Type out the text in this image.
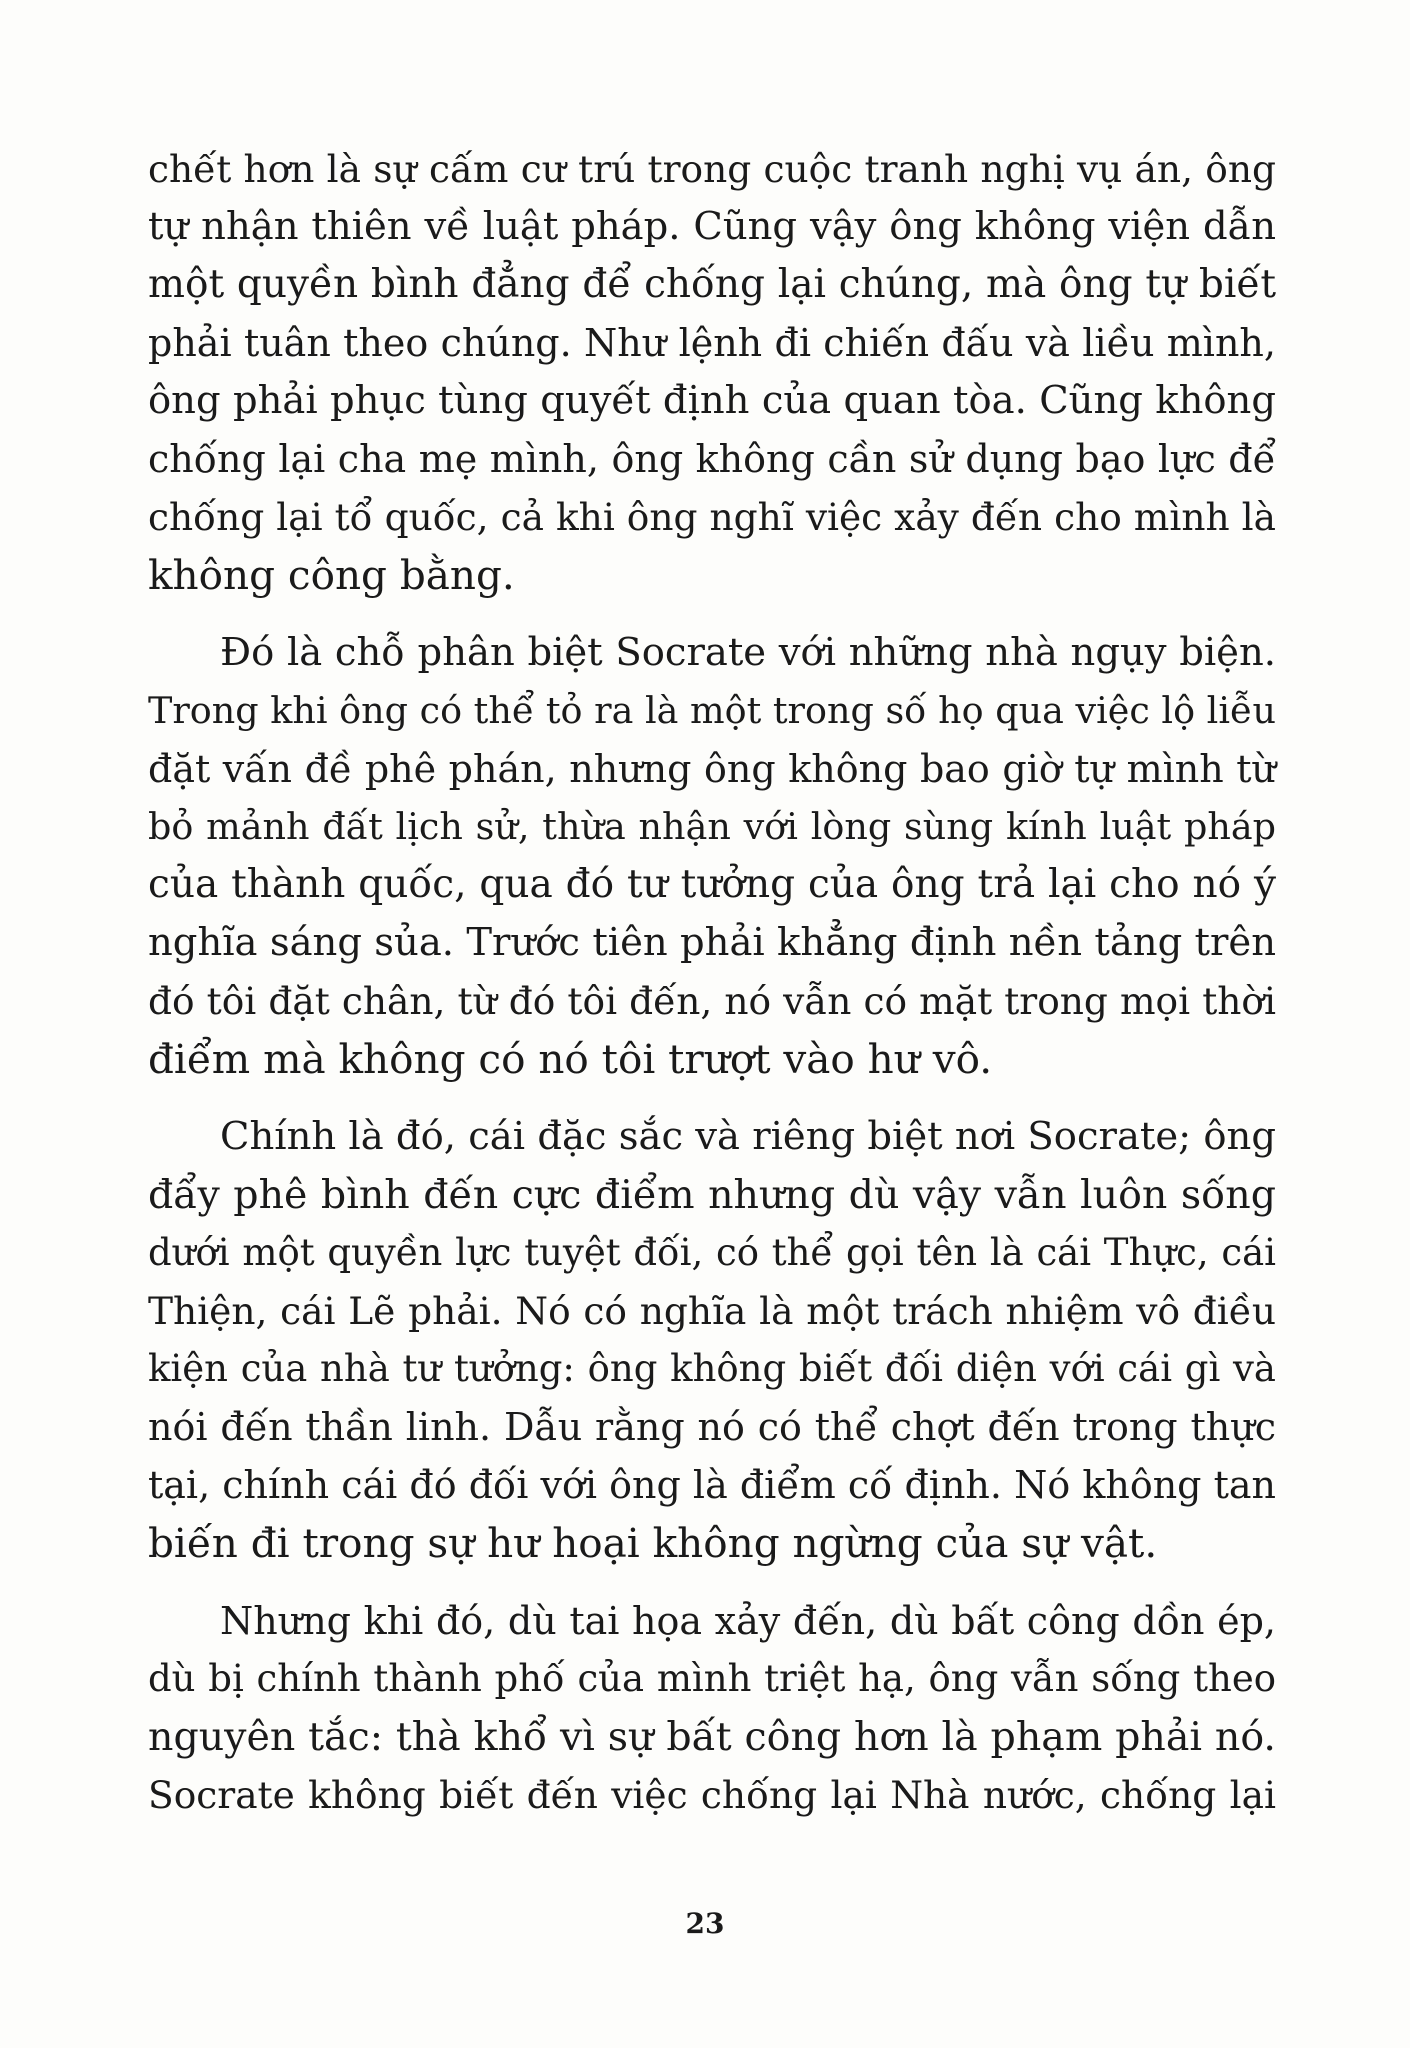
chết hơn là sự cấm cư trú trong cuộc tranh nghị vụ án, ông
tự nhận thiên về luật pháp. Cũng vậy ông không viện dẫn
một quyền bình đẳng để chống lại chúng, mà ông tự biết
phải tuân theo chúng. Như lệnh đi chiến đấu và liều mình,
ông phải phục tùng quyết định của quan tòa. Cũng không
chống lại cha mẹ mình, ông không cần sử dụng bạo lực để
chống lại tổ quốc, cả khi ông nghĩ việc xảy đến cho mình là
không công bằng.

Đó là chỗ phân biệt Socrate với những nhà ngụy biện.
Trong khi ông có thể tỏ ra là một trong số họ qua việc lộ liễu
đặt vấn đề phê phán, nhưng ông không bao giờ tự mình từ
bỏ mảnh đất lịch sử, thừa nhận với lòng sùng kính luật pháp
của thành quốc, qua đó tư tưởng của ông trả lại cho nó ý
nghĩa sáng sủa. Trước tiên phải khẳng định nền tảng trên
đó tôi đặt chân, từ đó tôi đến, nó vẫn có mặt trong mọi thời
điểm mà không có nó tôi trượt vào hư vô.

Chính là đó, cái đặc sắc và riêng biệt nơi Socrate; ông
đẩy phê bình đến cực điểm nhưng dù vậy vẫn luôn sống
dưới một quyền lực tuyệt đối, có thể gọi tên là cái Thực, cái
Thiện, cái Lẽ phải. Nó có nghĩa là một trách nhiệm vô điều
kiện của nhà tư tưởng: ông không biết đối diện với cái gì và
nói đến thần linh. Dẫu rằng nó có thể chợt đến trong thực
tại, chính cái đó đối với ông là điểm cố định. Nó không tan
biến đi trong sự hư hoại không ngừng của sự vật.

Nhưng khi đó, dù tai họa xảy đến, dù bất công dồn ép,
dù bị chính thành phố của mình triệt hạ, ông vẫn sống theo
nguyên tắc: thà khổ vì sự bất công hơn là phạm phải nó.
Socrate không biết đến việc chống lại Nhà nước, chống lại

23
